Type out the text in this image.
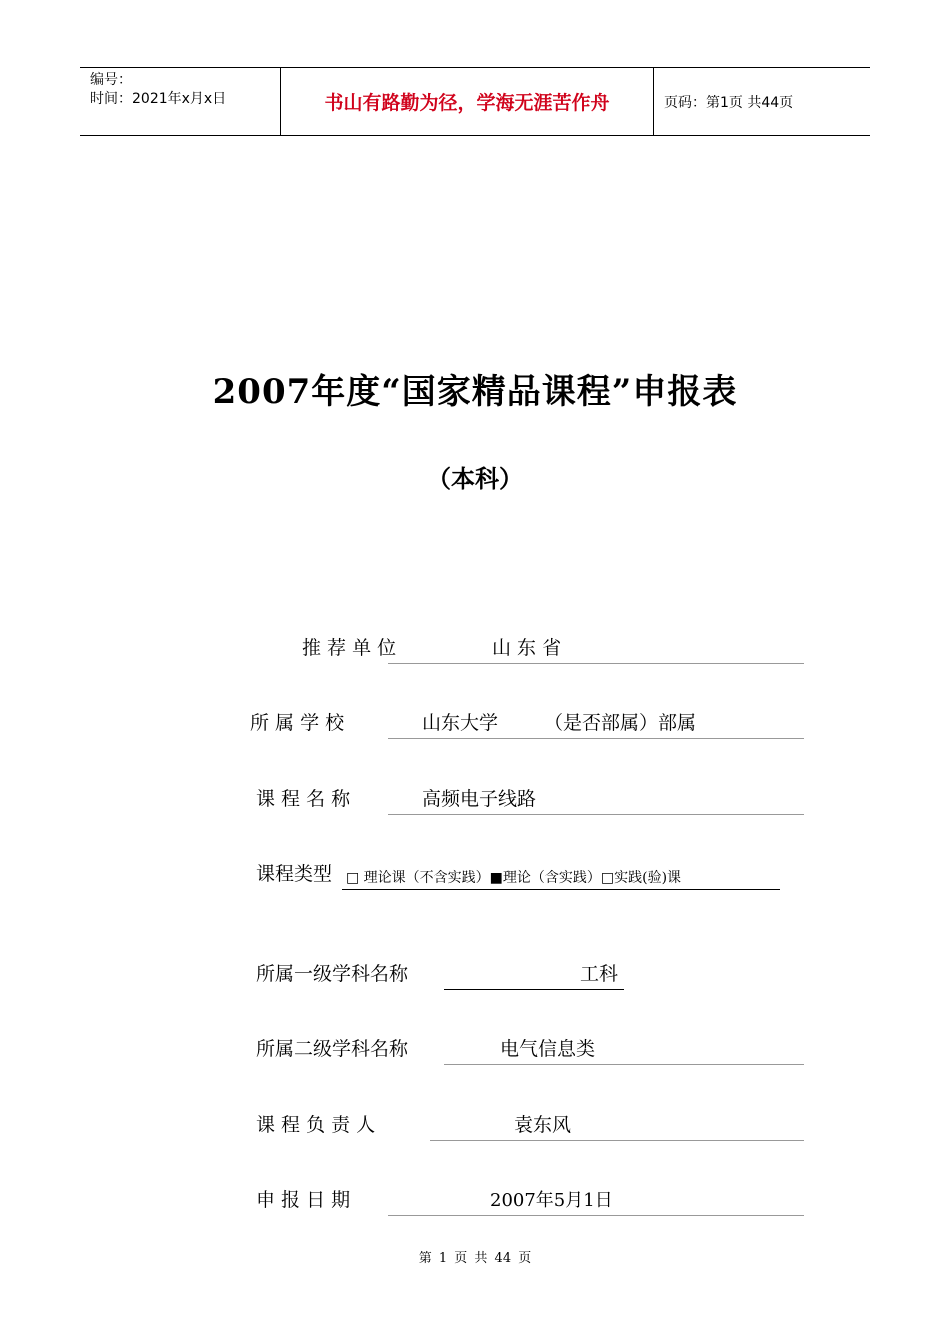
编号：
时间：2021年x月x日	书山有路勤为径，学海无涯苦作舟	页码：第1页 共44页
2007年度“国家精品课程”申报表
（本科）
推 荐 单 位	山 东 省
所 属 学 校	山东大学 （是否部属）部属
课 程 名 称	高频电子线路
课程类型 □ 理论课（不含实践）■理论（含实践）□实践(验)课
所属一级学科名称	工科
所属二级学科名称	电气信息类
课 程 负 责 人	袁东风
申 报 日 期	2007年5月1日
第 1 页 共 44 页
